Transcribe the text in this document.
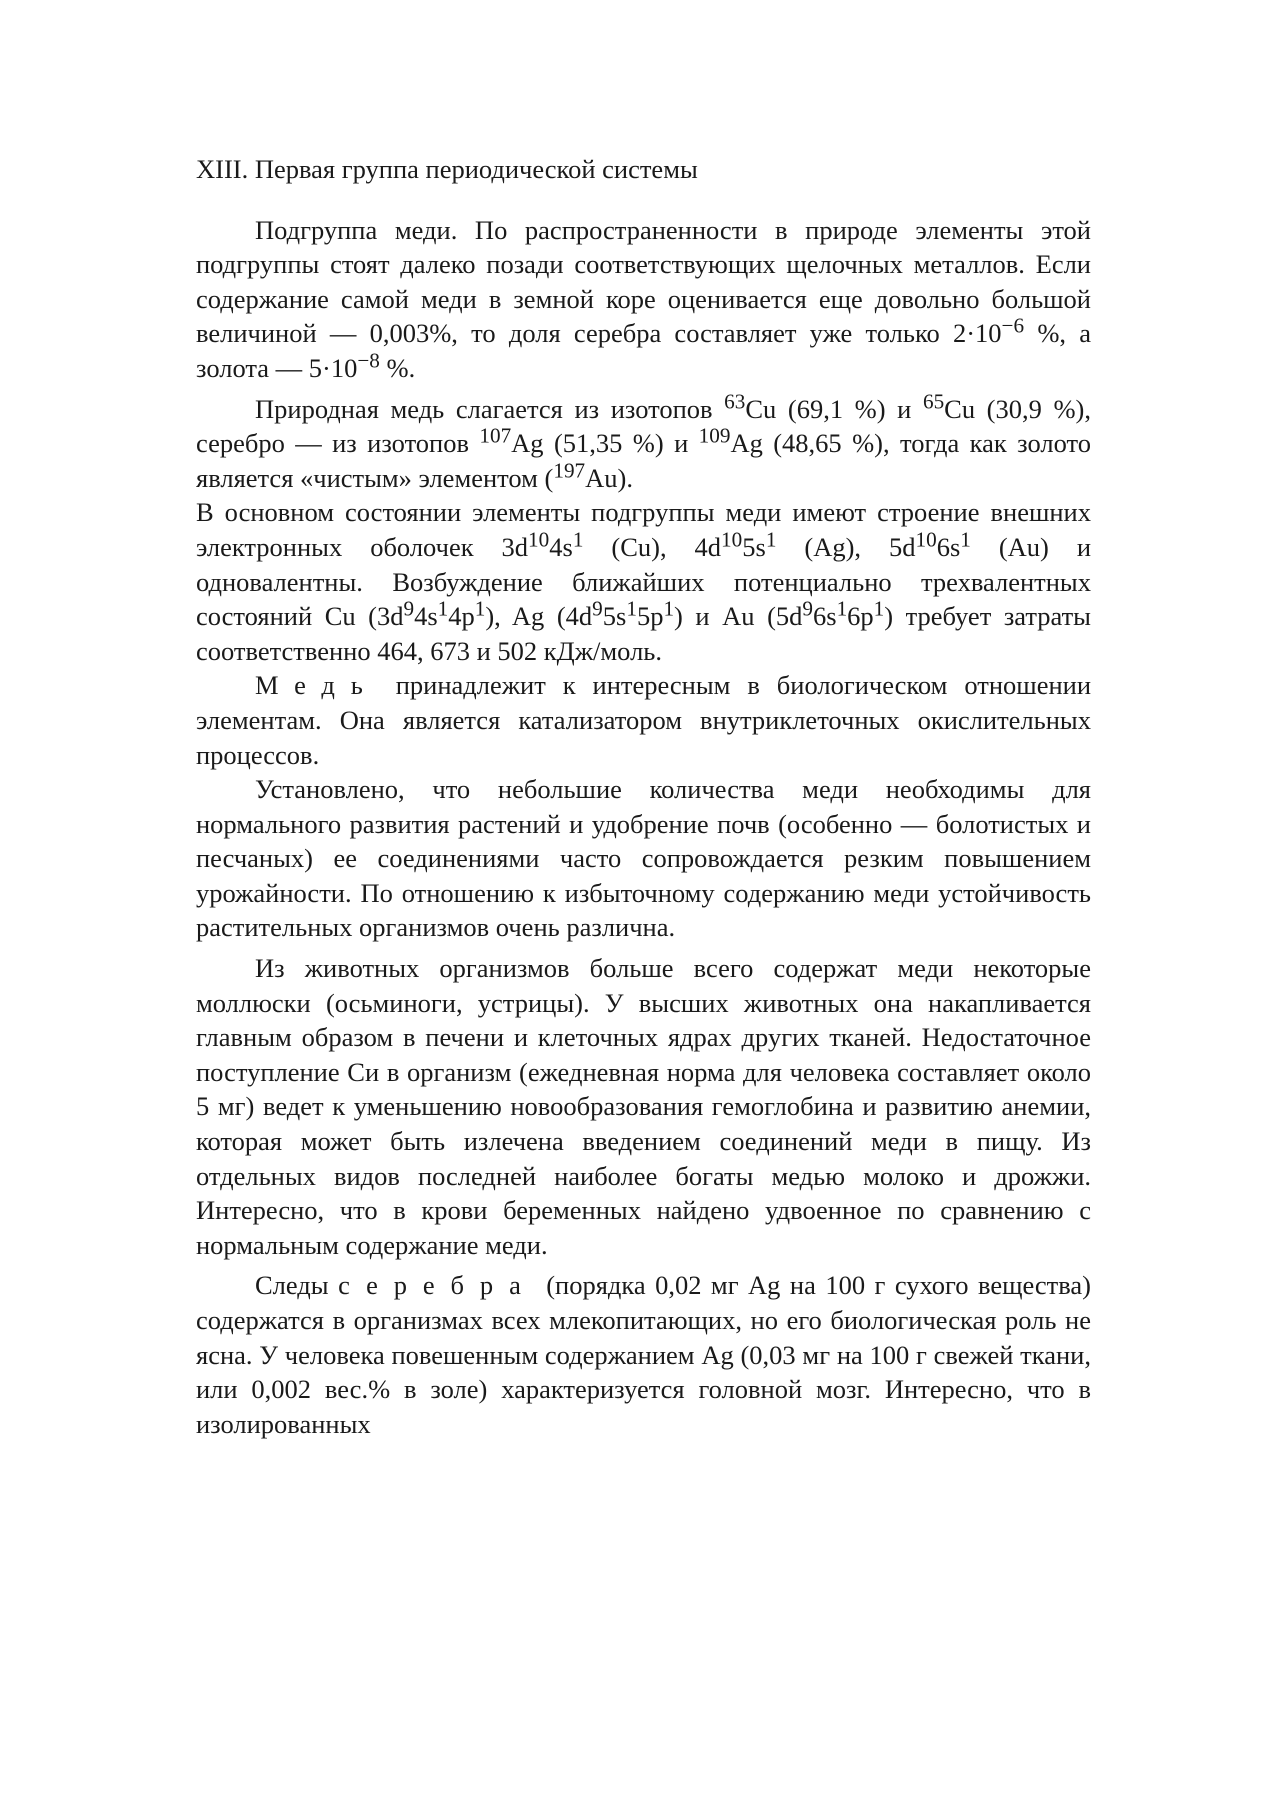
XIII. Первая группа периодической системы

Подгруппа меди. По распространенности в природе элементы этой подгруппы стоят далеко позади соответствующих щелочных металлов. Если содержание самой меди в земной коре оценивается еще довольно большой величиной — 0,003%, то доля серебра составляет уже только $2\cdot 10^{-6}$ %, а золота — $5\cdot 10^{-8}$ %.

Природная медь слагается из изотопов $^{63}$Cu (69,1 %) и $^{65}$Cu (30,9 %), серебро — из изотопов $^{107}$Ag (51,35 %) и $^{109}$Ag (48,65 %), тогда как золото является «чистым» элементом ($^{197}$Au).

В основном состоянии элементы подгруппы меди имеют строение внешних электронных оболочек $3d^{10}4s^1$ (Cu), $4d^{10}5s^1$ (Ag), $5d^{10}6s^1$ (Au) и одновалентны. Возбуждение ближайших потенциально трехвалентных состояний Cu $(3d^94s^14p^1)$, Ag $(4d^95s^15p^1)$ и Au $(5d^96s^16p^1)$ требует затраты соответственно 464, 673 и 502 кДж/моль.

Медь принадлежит к интересным в биологическом отношении элементам. Она является катализатором внутриклеточных окислительных процессов.

Установлено, что небольшие количества меди необходимы для нормального развития растений и удобрение почв (особенно — болотистых и песчаных) ее соединениями часто сопровождается резким повышением урожайности. По отношению к избыточному содержанию меди устойчивость растительных организмов очень различна.

Из животных организмов больше всего содержат меди некоторые моллюски (осьминоги, устрицы). У высших животных она накапливается главным образом в печени и клеточных ядрах других тканей. Недостаточное поступление Си в организм (ежедневная норма для человека составляет около 5 мг) ведет к уменьшению новообразования гемоглобина и развитию анемии, которая может быть излечена введением соединений меди в пищу. Из отдельных видов последней наиболее богаты медью молоко и дрожжи. Интересно, что в крови беременных найдено удвоенное по сравнению с нормальным содержание меди.

Следы серебра (порядка 0,02 мг Ag на 100 г сухого вещества) содержатся в организмах всех млекопитающих, но его биологическая роль не ясна. У человека повешенным содержанием Ag (0,03 мг на 100 г свежей ткани, или 0,002 вес.% в золе) характеризуется головной мозг. Интересно, что в изолированных
